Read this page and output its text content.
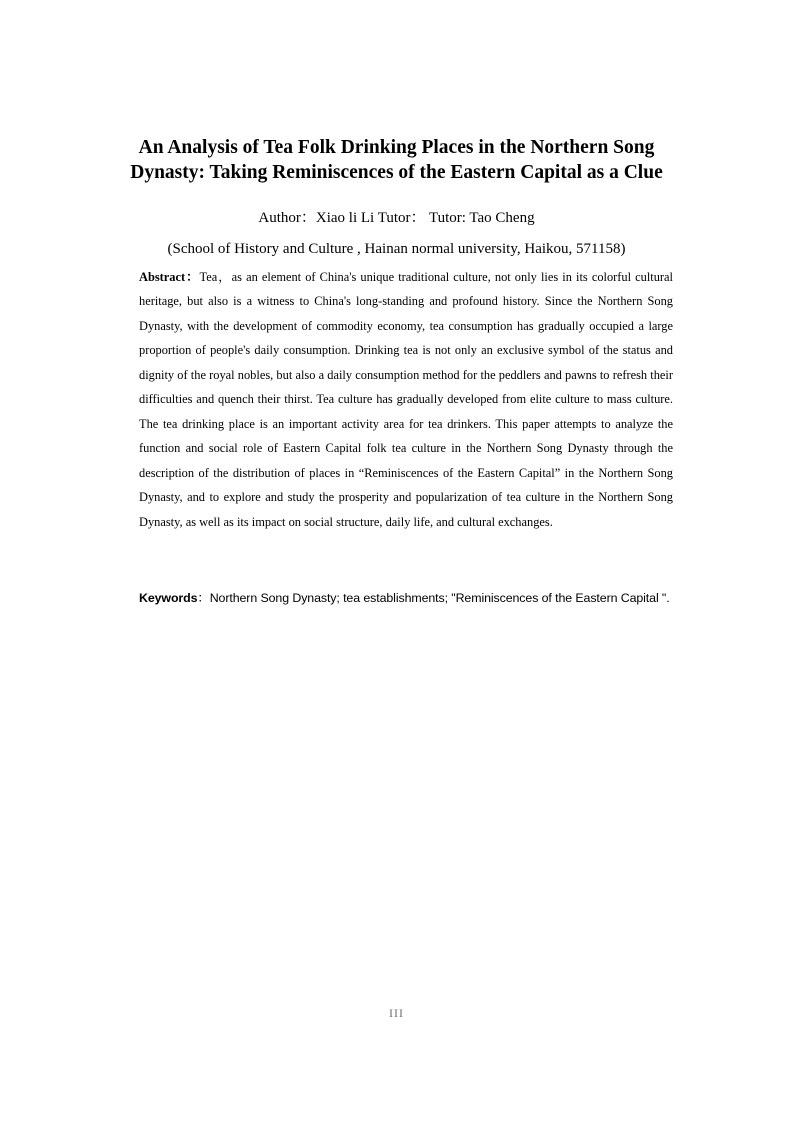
An Analysis of Tea Folk Drinking Places in the Northern Song Dynasty: Taking Reminiscences of the Eastern Capital as a Clue

Author：Xiao li Li Tutor： Tutor: Tao Cheng

(School of History and Culture , Hainan normal university, Haikou, 571158)

Abstract：Tea，as an element of China's unique traditional culture, not only lies in its colorful cultural heritage, but also is a witness to China's long-standing and profound history. Since the Northern Song Dynasty, with the development of commodity economy, tea consumption has gradually occupied a large proportion of people's daily consumption. Drinking tea is not only an exclusive symbol of the status and dignity of the royal nobles, but also a daily consumption method for the peddlers and pawns to refresh their difficulties and quench their thirst. Tea culture has gradually developed from elite culture to mass culture. The tea drinking place is an important activity area for tea drinkers. This paper attempts to analyze the function and social role of Eastern Capital folk tea culture in the Northern Song Dynasty through the description of the distribution of places in “Reminiscences of the Eastern Capital” in the Northern Song Dynasty, and to explore and study the prosperity and popularization of tea culture in the Northern Song Dynasty, as well as its impact on social structure, daily life, and cultural exchanges.

Keywords：Northern Song Dynasty; tea establishments; "Reminiscences of the Eastern Capital ".

III
